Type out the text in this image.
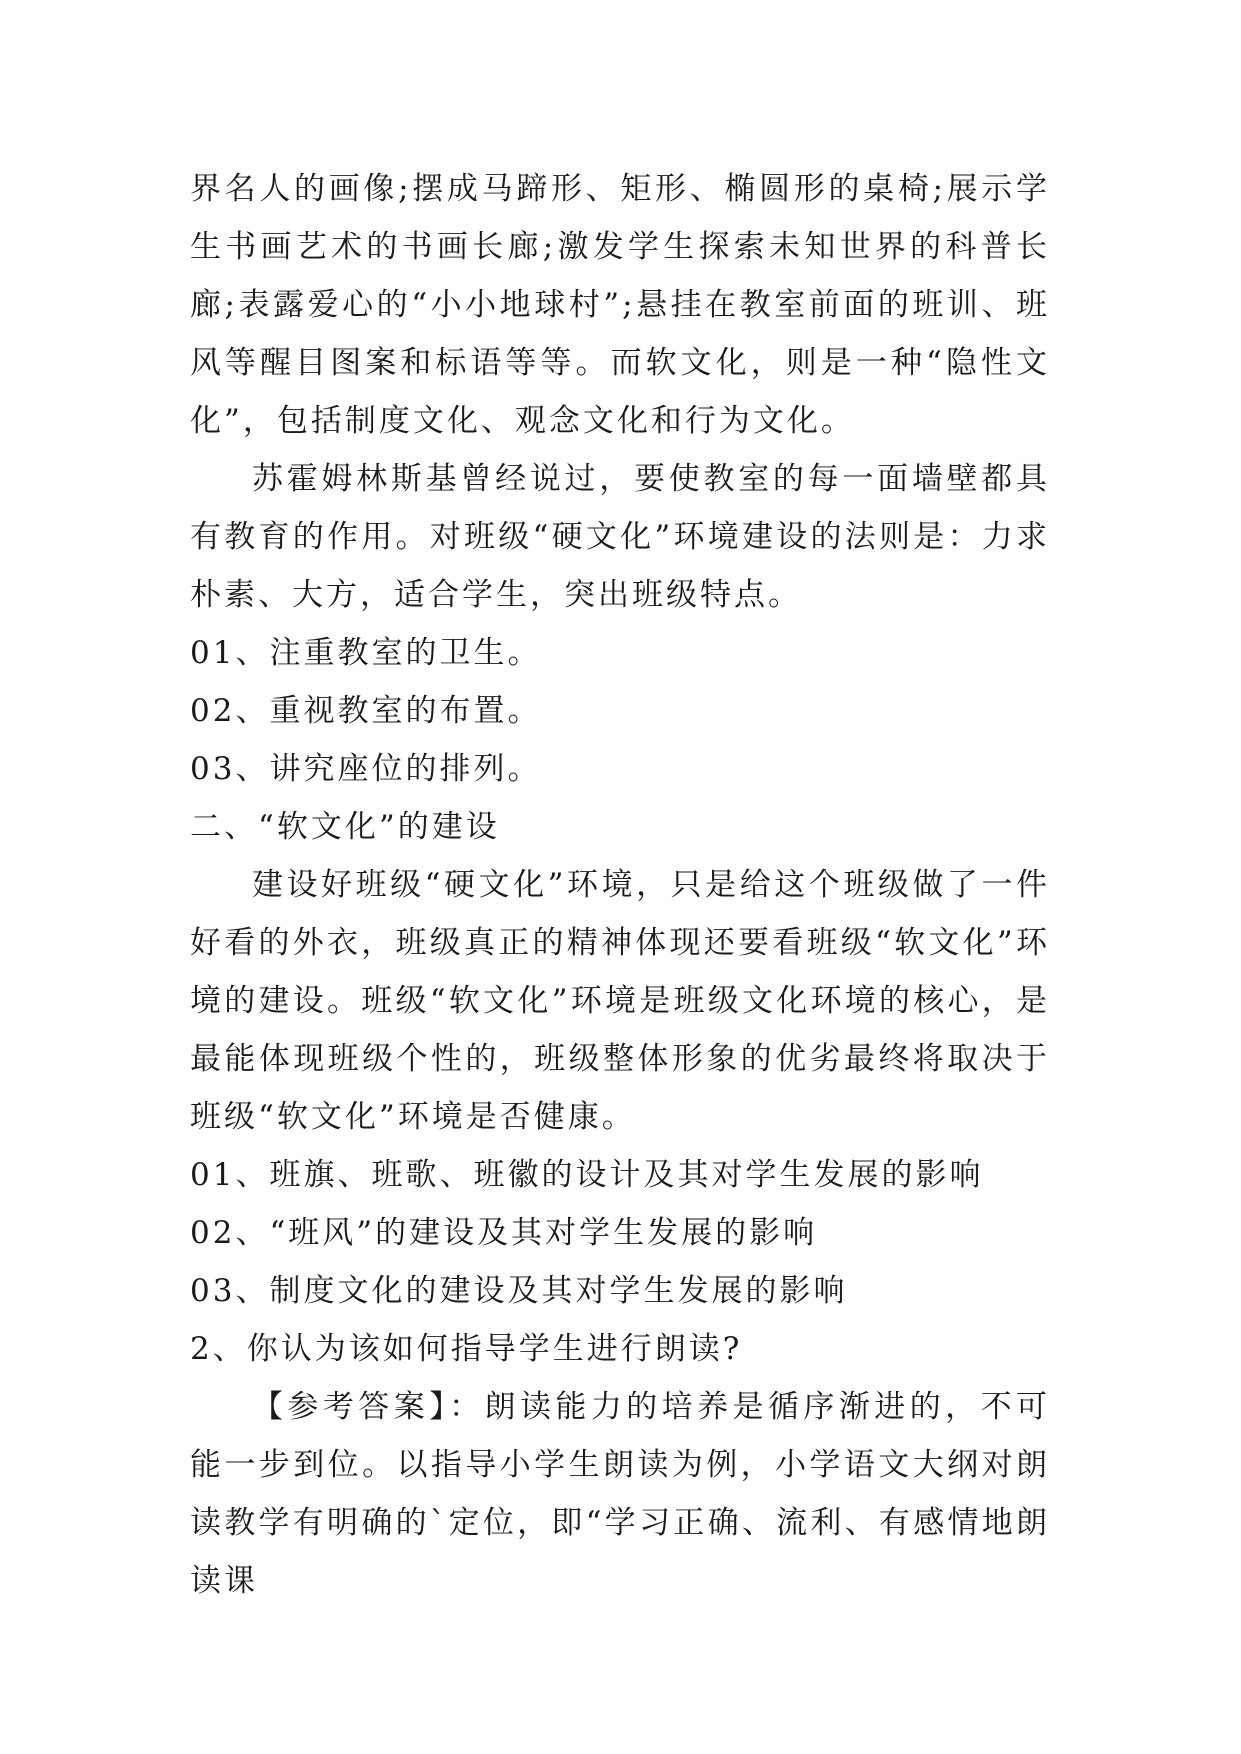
界名人的画像;摆成马蹄形、矩形、椭圆形的桌椅;展示学生书画艺术的书画长廊;激发学生探索未知世界的科普长廊;表露爱心的“小小地球村”;悬挂在教室前面的班训、班风等醒目图案和标语等等。而软文化，则是一种“隐性文化”，包括制度文化、观念文化和行为文化。

苏霍姆林斯基曾经说过，要使教室的每一面墙壁都具有教育的作用。对班级“硬文化”环境建设的法则是：力求朴素、大方，适合学生，突出班级特点。

01、注重教室的卫生。

02、重视教室的布置。

03、讲究座位的排列。

二、“软文化”的建设

建设好班级“硬文化”环境，只是给这个班级做了一件好看的外衣，班级真正的精神体现还要看班级“软文化”环境的建设。班级“软文化”环境是班级文化环境的核心，是最能体现班级个性的，班级整体形象的优劣最终将取决于班级“软文化”环境是否健康。

01、班旗、班歌、班徽的设计及其对学生发展的影响

02、“班风”的建设及其对学生发展的影响

03、制度文化的建设及其对学生发展的影响

2、你认为该如何指导学生进行朗读?

【参考答案】：朗读能力的培养是循序渐进的，不可能一步到位。以指导小学生朗读为例，小学语文大纲对朗读教学有明确的`定位，即“学习正确、流利、有感情地朗读课
